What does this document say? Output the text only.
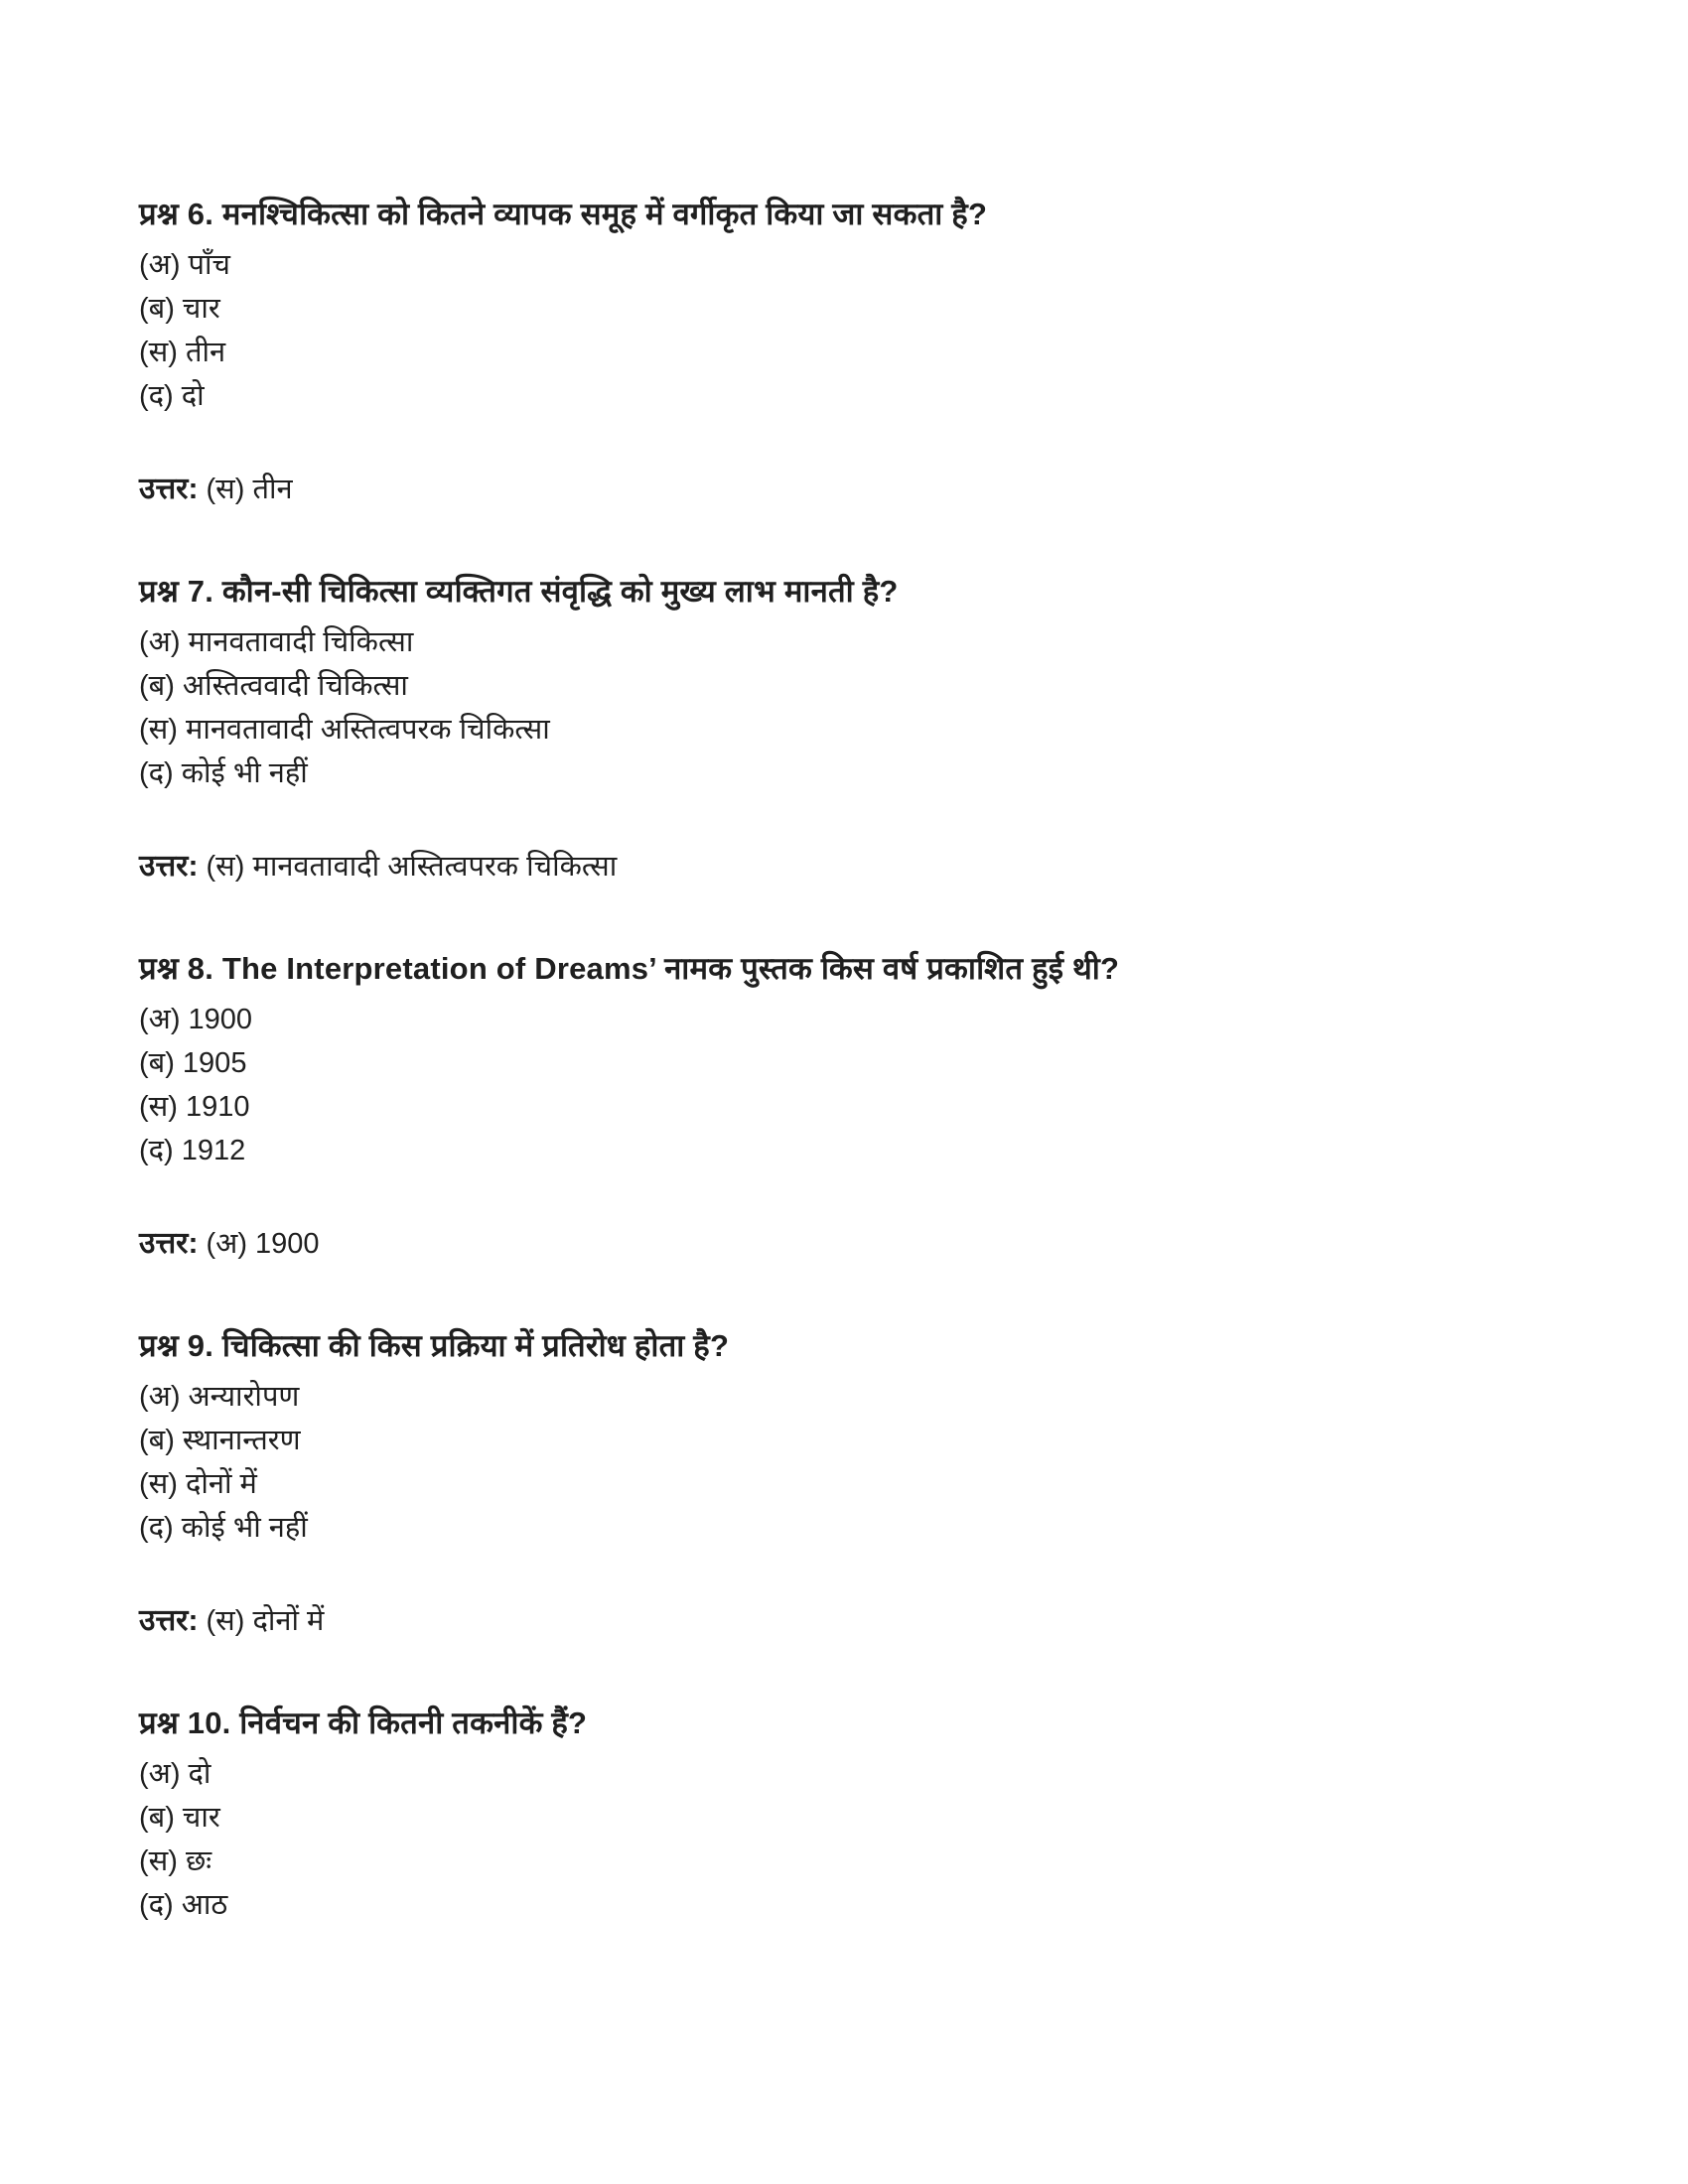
प्रश्न 6. मनश्चिकित्सा को कितने व्यापक समूह में वर्गीकृत किया जा सकता है?
(अ) पाँच
(ब) चार
(स) तीन
(द) दो
उत्तर: (स) तीन
प्रश्न 7. कौन-सी चिकित्सा व्यक्तिगत संवृद्धि को मुख्य लाभ मानती है?
(अ) मानवतावादी चिकित्सा
(ब) अस्तित्ववादी चिकित्सा
(स) मानवतावादी अस्तित्वपरक चिकित्सा
(द) कोई भी नहीं
उत्तर: (स) मानवतावादी अस्तित्वपरक चिकित्सा
प्रश्न 8. The Interpretation of Dreams’ नामक पुस्तक किस वर्ष प्रकाशित हुई थी?
(अ) 1900
(ब) 1905
(स) 1910
(द) 1912
उत्तर: (अ) 1900
प्रश्न 9. चिकित्सा की किस प्रक्रिया में प्रतिरोध होता है?
(अ) अन्यारोपण
(ब) स्थानान्तरण
(स) दोनों में
(द) कोई भी नहीं
उत्तर: (स) दोनों में
प्रश्न 10. निर्वचन की कितनी तकनीकें हैं?
(अ) दो
(ब) चार
(स) छः
(द) आठ
